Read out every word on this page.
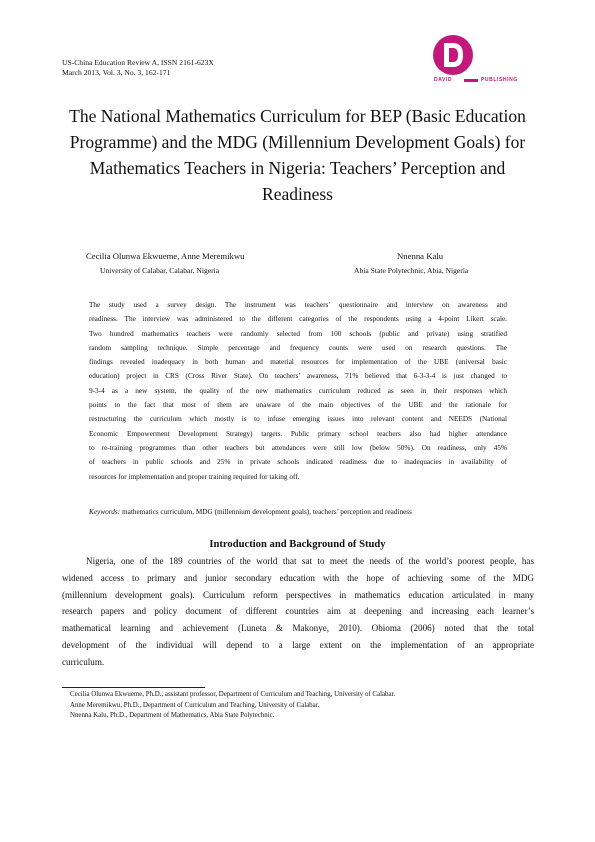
US-China Education Review A, ISSN 2161-623X
March 2013, Vol. 3, No. 3, 162-171
DAVID	PUBLISHING
The National Mathematics Curriculum for BEP (Basic Education
Programme) and the MDG (Millennium Development Goals) for
Mathematics Teachers in Nigeria: Teachers’ Perception and
Readiness
Cecilia Olunwa Ekwueme, Anne Meremikwu
University of Calabar, Calabar, Nigeria
Nnenna Kalu
Abia State Polytechnic, Abia, Nigeria
The study used a survey design. The instrument was teachers’ questionnaire and interview on awareness and
readiness. The interview was administered to the different categories of the respondents using a 4-point Likert scale.
Two hundred mathematics teachers were randomly selected from 100 schools (public and private) using stratified
random sampling technique. Simple percentage and frequency counts were used on research questions. The
findings revealed inadequacy in both human and material resources for implementation of the UBE (universal basic
education) project in CRS (Cross River State). On teachers’ awareness, 71% believed that 6-3-3-4 is just changed to
9-3-4 as a new system, the quality of the new mathematics curriculum reduced as seen in their responses which
points to the fact that most of them are unaware of the main objectives of the UBE and the rationale for
restructuring the curriculum which mostly is to infuse emerging issues into relevant content and NEEDS (National
Economic Empowerment Development Strategy) targets. Public primary school teachers also had higher attendance
to re-training programmes than other teachers but attendances were still low (below 50%). On readiness, only 45%
of teachers in public schools and 25% in private schools indicated readiness due to inadequacies in availability of
resources for implementation and proper training required for taking off.
Keywords: mathematics curriculum, MDG (millennium development goals), teachers’ perception and readiness
Introduction and Background of Study
Nigeria, one of the 189 countries of the world that sat to meet the needs of the world’s poorest people, has
widened access to primary and junior secondary education with the hope of achieving some of the MDG
(millennium development goals). Curriculum reform perspectives in mathematics education articulated in many
research papers and policy document of different countries aim at deepening and increasing each learner’s
mathematical learning and achievement (Luneta & Makonye, 2010). Obioma (2006) noted that the total
development of the individual will depend to a large extent on the implementation of an appropriate
curriculum.
Cecilia Olunwa Ekwueme, Ph.D., assistant professor, Department of Curriculum and Teaching, University of Calabar.
Anne Meremikwu, Ph.D., Department of Curriculum and Teaching, University of Calabar.
Nnenna Kalu, Ph.D., Department of Mathematics, Abia State Polytechnic.
